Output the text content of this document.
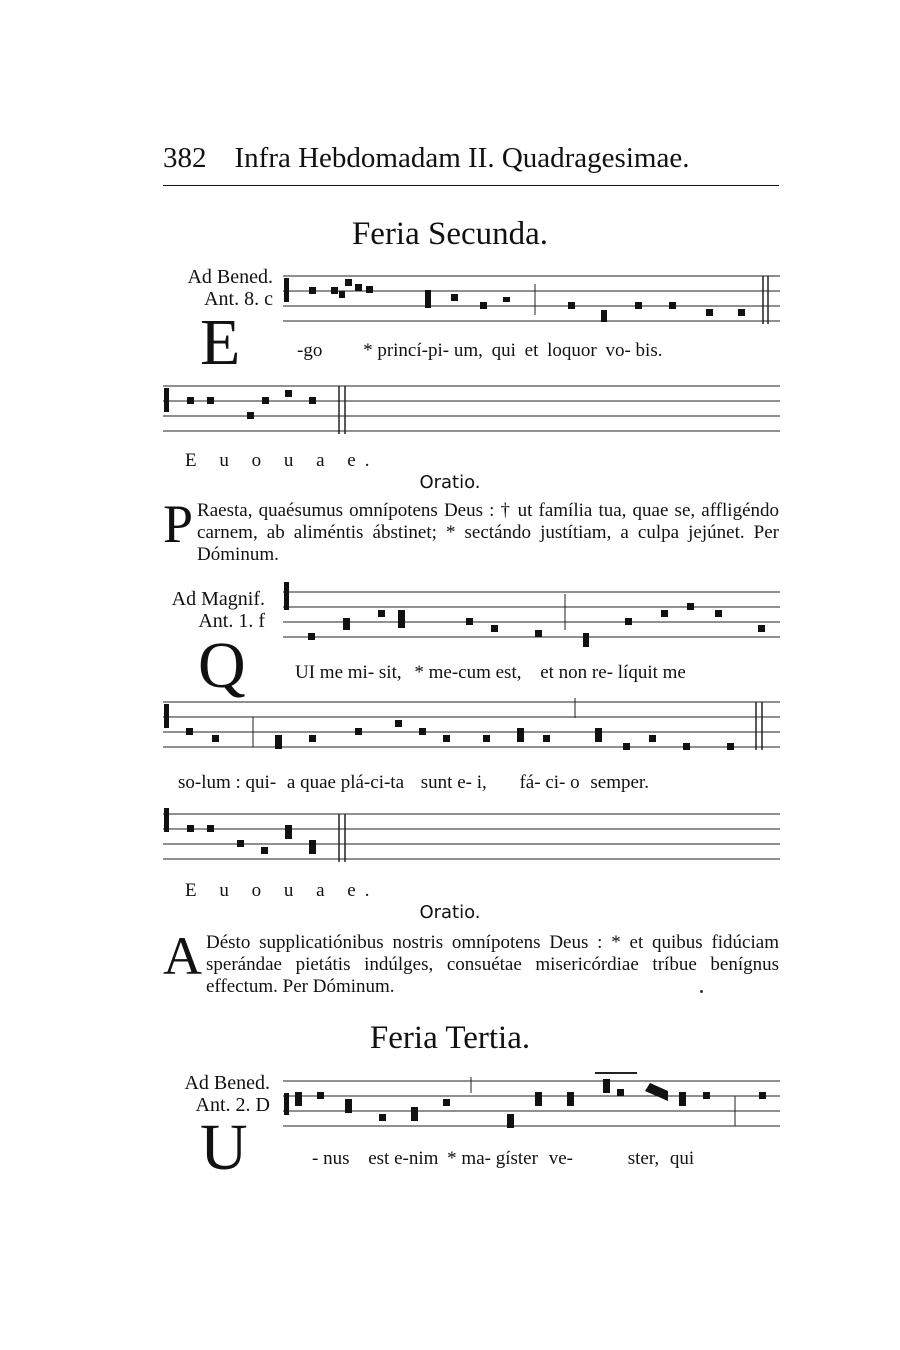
382 Infra Hebdomadam II. Quadragesimae.
Feria Secunda.
Ad Bened.
Ant. 8. c
E	-go * princí-pi- um, qui et loquor vo- bis.
E u o u a e.
Oratio.
P Raesta, quaésumus omnípotens Deus : † ut família tua, quae se, affligéndo carnem, ab aliméntis ábstinet; * sectándo justítiam, a culpa jejúnet. Per Dóminum.
Ad Magnif.
Ant. 1. f
Q	UI me mi- sit, * me-cum est, et non re- líquit me
so-lum : qui- a quae plá-ci-ta sunt e- i, fá- ci- o semper.
E u o u a e.
Oratio.
A Désto supplicatiónibus nostris omnípotens Deus : * et quibus fidúciam sperándae pietátis indúlges, consuétae misericórdiae tríbue benígnus effectum. Per Dóminum.
Feria Tertia.
Ad Bened.
Ant. 2. D
U	- nus est e-nim * ma- gíster ve-	ster, qui
